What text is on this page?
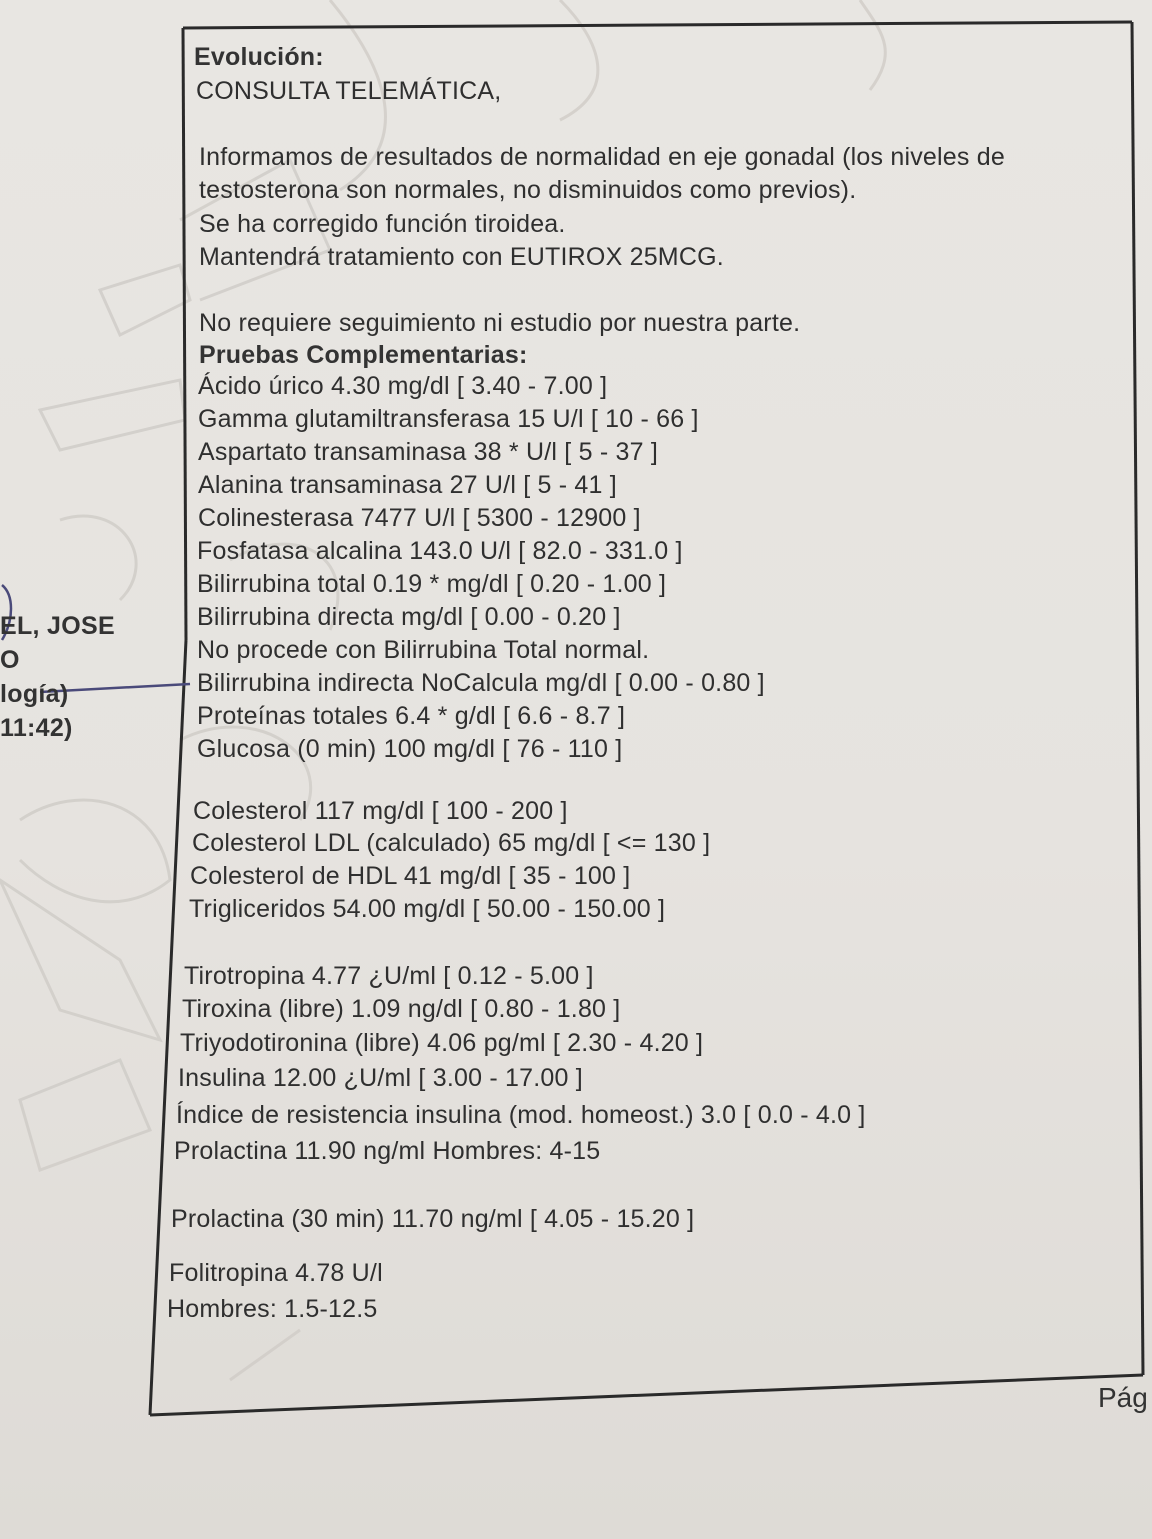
EL, JOSE
O
logía)
11:42)
Evolución:
CONSULTA TELEMÁTICA,
Informamos de resultados de normalidad en eje gonadal (los niveles de
testosterona son normales, no disminuidos como previos).
Se ha corregido función tiroidea.
Mantendrá tratamiento con EUTIROX 25MCG.
No requiere seguimiento ni estudio por nuestra parte.
Pruebas Complementarias:
Ácido úrico 4.30 mg/dl [ 3.40 - 7.00 ]
Gamma glutamiltransferasa 15 U/l [ 10 - 66 ]
Aspartato transaminasa 38 * U/l [ 5 - 37 ]
Alanina transaminasa 27 U/l [ 5 - 41 ]
Colinesterasa 7477 U/l [ 5300 - 12900 ]
Fosfatasa alcalina 143.0 U/l [ 82.0 - 331.0 ]
Bilirrubina total 0.19 * mg/dl [ 0.20 - 1.00 ]
Bilirrubina directa mg/dl [ 0.00 - 0.20 ]
No procede con Bilirrubina Total normal.
Bilirrubina indirecta NoCalcula mg/dl [ 0.00 - 0.80 ]
Proteínas totales 6.4 * g/dl [ 6.6 - 8.7 ]
Glucosa (0 min) 100 mg/dl [ 76 - 110 ]
Colesterol 117 mg/dl [ 100 - 200 ]
Colesterol LDL (calculado) 65 mg/dl [ <= 130 ]
Colesterol de HDL 41 mg/dl [ 35 - 100 ]
Trigliceridos 54.00 mg/dl [ 50.00 - 150.00 ]
Tirotropina 4.77 ¿U/ml [ 0.12 - 5.00 ]
Tiroxina (libre) 1.09 ng/dl [ 0.80 - 1.80 ]
Triyodotironina (libre) 4.06 pg/ml [ 2.30 - 4.20 ]
Insulina 12.00 ¿U/ml [ 3.00 - 17.00 ]
Índice de resistencia insulina (mod. homeost.) 3.0 [ 0.0 - 4.0 ]
Prolactina 11.90 ng/ml Hombres: 4-15
Prolactina (30 min) 11.70 ng/ml [ 4.05 - 15.20 ]
Folitropina 4.78 U/l
Hombres: 1.5-12.5
Pág
